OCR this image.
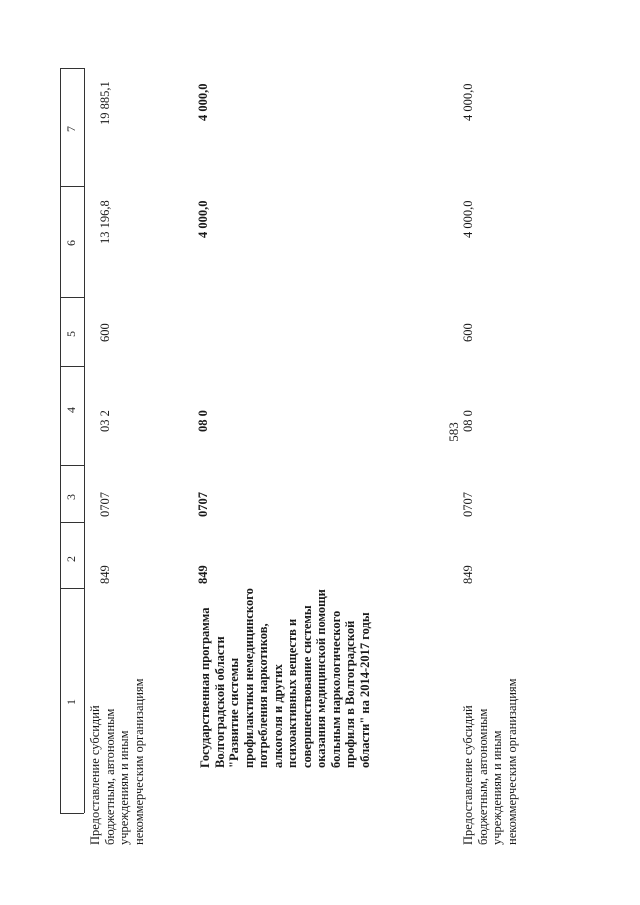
583
1
2
3
4
5
6
7
Предоставление субсидий бюджетным, автономным учреждениям и иным некоммерческим организациям
849
0707
03 2
600
13 196,8
19 885,1
Государственная программа Волгоградской области "Развитие системы профилактики немедицинского потребления наркотиков, алкоголя и других психоактивных веществ и совершенствование системы оказания медицинской помощи больным наркологического профиля в Волгоградской области" на 2014-2017 годы
849
0707
08 0
4 000,0
4 000,0
Предоставление субсидий бюджетным, автономным учреждениям и иным некоммерческим организациям
849
0707
08 0
600
4 000,0
4 000,0
